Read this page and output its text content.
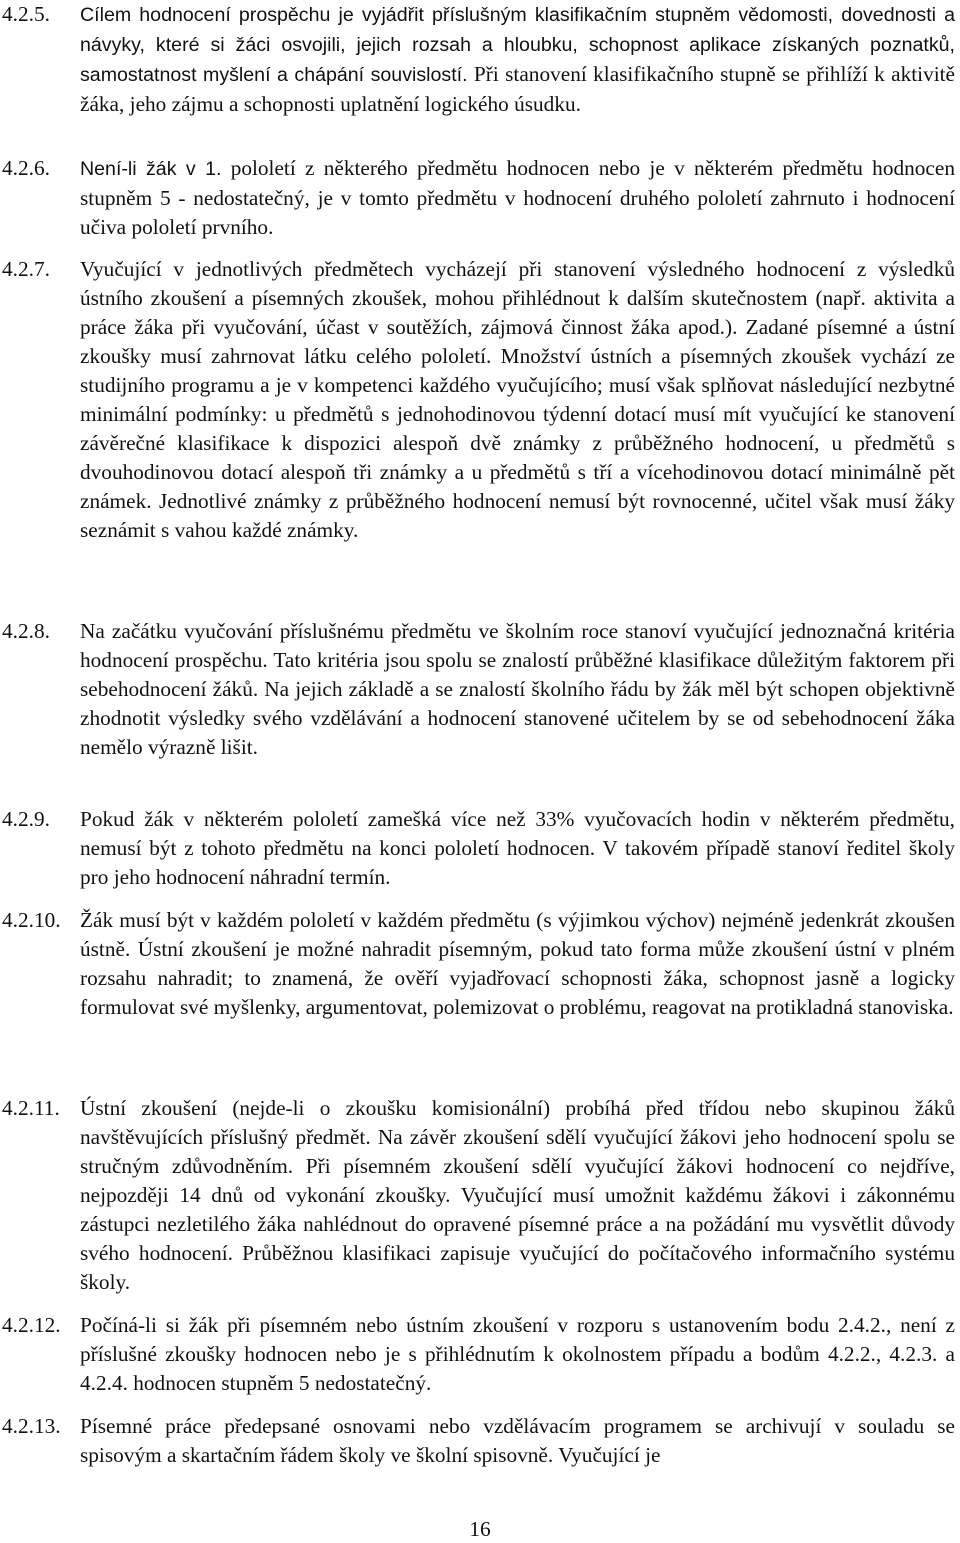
4.2.5. Cílem hodnocení prospěchu je vyjádřit příslušným klasifikačním stupněm vědomosti, dovednosti a návyky, které si žáci osvojili, jejich rozsah a hloubku, schopnost aplikace získaných poznatků, samostatnost myšlení a chápání souvislostí. Při stanovení klasifikačního stupně se přihlíží k aktivitě žáka, jeho zájmu a schopnosti uplatnění logického úsudku.
4.2.6. Není-li žák v 1. pololetí z některého předmětu hodnocen nebo je v některém předmětu hodnocen stupněm 5 - nedostatečný, je v tomto předmětu v hodnocení druhého pololetí zahrnuto i hodnocení učiva pololetí prvního.
4.2.7. Vyučující v jednotlivých předmětech vycházejí při stanovení výsledného hodnocení z výsledků ústního zkoušení a písemných zkoušek, mohou přihlédnout k dalším skutečnostem (např. aktivita a práce žáka při vyučování, účast v soutěžích, zájmová činnost žáka apod.). Zadané písemné a ústní zkoušky musí zahrnovat látku celého pololetí. Množství ústních a písemných zkoušek vychází ze studijního programu a je v kompetenci každého vyučujícího; musí však splňovat následující nezbytné minimální podmínky: u předmětů s jednohodinovou týdenní dotací musí mít vyučující ke stanovení závěrečné klasifikace k dispozici alespoň dvě známky z průběžného hodnocení, u předmětů s dvouhodinovou dotací alespoň tři známky a u předmětů s tří a vícehodinovou dotací minimálně pět známek. Jednotlivé známky z průběžného hodnocení nemusí být rovnocenné, učitel však musí žáky seznámit s vahou každé známky.
4.2.8. Na začátku vyučování příslušnému předmětu ve školním roce stanoví vyučující jednoznačná kritéria hodnocení prospěchu. Tato kritéria jsou spolu se znalostí průběžné klasifikace důležitým faktorem při sebehodnocení žáků. Na jejich základě a se znalostí školního řádu by žák měl být schopen objektivně zhodnotit výsledky svého vzdělávání a hodnocení stanovené učitelem by se od sebehodnocení žáka nemělo výrazně lišit.
4.2.9. Pokud žák v některém pololetí zamešká více než 33% vyučovacích hodin v některém předmětu, nemusí být z tohoto předmětu na konci pololetí hodnocen. V takovém případě stanoví ředitel školy pro jeho hodnocení náhradní termín.
4.2.10. Žák musí být v každém pololetí v každém předmětu (s výjimkou výchov) nejméně jedenkrát zkoušen ústně. Ústní zkoušení je možné nahradit písemným, pokud tato forma může zkoušení ústní v plném rozsahu nahradit; to znamená, že ověří vyjadřovací schopnosti žáka, schopnost jasně a logicky formulovat své myšlenky, argumentovat, polemizovat o problému, reagovat na protikladná stanoviska.
4.2.11. Ústní zkoušení (nejde-li o zkoušku komisionální) probíhá před třídou nebo skupinou žáků navštěvujících příslušný předmět. Na závěr zkoušení sdělí vyučující žákovi jeho hodnocení spolu se stručným zdůvodněním. Při písemném zkoušení sdělí vyučující žákovi hodnocení co nejdříve, nejpozději 14 dnů od vykonání zkoušky. Vyučující musí umožnit každému žákovi i zákonnému zástupci nezletilého žáka nahlédnout do opravené písemné práce a na požádání mu vysvětlit důvody svého hodnocení. Průběžnou klasifikaci zapisuje vyučující do počítačového informačního systému školy.
4.2.12. Počíná-li si žák při písemném nebo ústním zkoušení v rozporu s ustanovením bodu 2.4.2., není z příslušné zkoušky hodnocen nebo je s přihlédnutím k okolnostem případu a bodům 4.2.2., 4.2.3. a 4.2.4. hodnocen stupněm 5 nedostatečný.
4.2.13. Písemné práce předepsané osnovami nebo vzdělávacím programem se archivují v souladu se spisovým a skartačním řádem školy ve školní spisovně. Vyučující je
16
